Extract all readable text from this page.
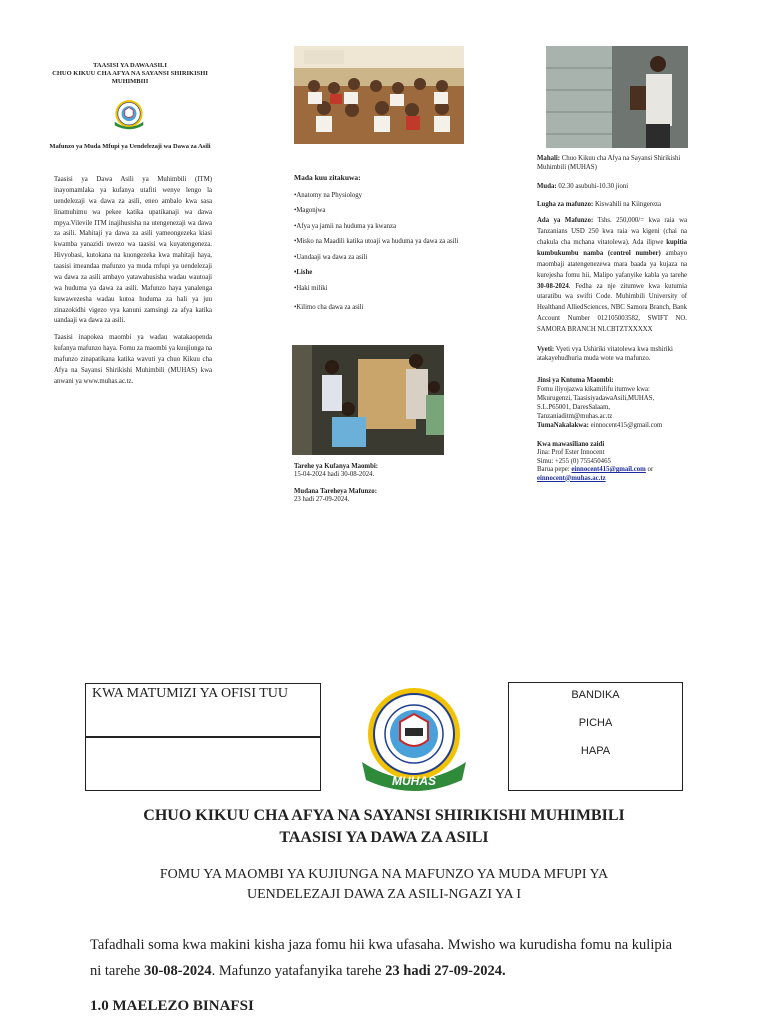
TAASISI YA DAWAASILI
CHUO KIKUU CHA AFYA NA SAYANSI SHIRIKISHI
MUHIMBIII
Mafunzo ya Muda Mfupi ya Uendelezaji wa Dawa za Asili

Taasisi ya Dawa Asili ya Muhimbili (ITM) inayomamlaka ya kufanya utafiti wenye lengo la uendelezaji wa dawa za asili, eneo ambalo kwa sasa linamuhimu wa pekee katika upatikanaji wa dawa mpya.Vilevile ITM inajihusisha na utengenezaji wa dawa za asili. Mahitaji ya dawa za asili yameongezeka kiasi kwamba yanazidi uwezo wa taasisi wa kuyatengeneza. Hivyobasi, kutokana na kuongezeka kwa mahitaji haya, taasisi imeandaa mafunzo ya muda mfupi ya uendelezaji wa dawa za asili ambayo yatawahusisha wadau wautoaji wa huduma ya dawa za asili. Mafunzo haya yanalenga kuwawezesha wadau kutoa huduma za hali ya juu zinazokidhi vigezo vya kanuni zamsingi za afya katika uandaaji wa dawa za asili.

Taasisi inapokea maombi ya wadau watakaopenda kufanya mafunzo haya. Fomu za maombi ya kuujiunga na mafunzo zinapatikana katika wavuti ya chuo Kikuu cha Afya na Sayansi Shirikishi Muhimbili (MUHAS) kwa anwani ya www.muhas.ac.tz.

Mada kuu zitakuwa:
•Anatomy na Physiology
•Magonjwa
•Afya ya jamii na huduma ya kwanza
•Misko na Maadili katika utoaji wa huduma ya dawa za asili
•Uandaaji wa dawa za asili
•Lishe
•Haki miliki
•Kilimo cha dawa za asili
Tarehe ya Kufanya Maombi:
15-04-2024 hadi 30-08-2024.
Mudana Tareheya Mafunzo:
23 hadi 27-09-2024.

Mahali: Chuo Kikuu cha Afya na Sayansi Shirikishi Muhimbili (MUHAS)

Muda: 02.30 asubuhi-10.30 jioni

Lugha za mafunzo: Kiswahili na Kiingereza

Ada ya Mafunzo: Tshs. 250,000/= kwa raia wa Tanzanians USD 250 kwa raia wa kigeni (chai na chakula cha mchana vitatolewa). Ada ilipwe kupitia kumbukumbu namba (control number) ambayo maombaji atatengenezewa mara baada ya kujaza na kurejesha fomu hii, Malipo yafanyike kabla ya tarehe 30-08-2024. Fedha za nje zitumwe kwa kutumia utaratibu wa swifti Code. Muhimbili University of Healthand AlliedSciences, NBC Samora Branch, Bank Account Number 012105003582, SWIFT NO. SAMORA BRANCH NLCBTZTXXXXX

Vyeti: Vyeti vya Ushiriki vitatolewa kwa mshiriki atakayehudhuria muda wote wa mafunzo.

Jinsi ya Kntuma Maombi:
Fomu iliyojazwa kikamilifu itumwe kwa:
Mkurugenzi, TaasisiyadawaAsili,MUHAS,
S.L.P65001, DaresSalaam,
Tanzaniaditm@muhas.ac.tz
TumaNakalakwa: einnocent415@gmail.com
Kwa mawasiliano zaidi
Jina: Prof Ester Innocent
Simu: +255 (0) 755450465
Barua pepe: einnocent415@gmail.com or
einnocent@muhas.ac.tz
KWA MATUMIZI YA OFISI TUU
MUHAS
BANDIKA
PICHA
HAPA
CHUO KIKUU CHA AFYA NA SAYANSI SHIRIKISHI MUHIMBILI
TAASISI YA DAWA ZA ASILI
FOMU YA MAOMBI YA KUJIUNGA NA MAFUNZO YA MUDA MFUPI YA
UENDELEZAJI DAWA ZA ASILI-NGAZI YA I
Tafadhali soma kwa makini kisha jaza fomu hii kwa ufasaha. Mwisho wa kurudisha fomu na kulipia ni tarehe 30-08-2024. Mafunzo yatafanyika tarehe 23 hadi 27-09-2024.
1.0 MAELEZO BINAFSI
